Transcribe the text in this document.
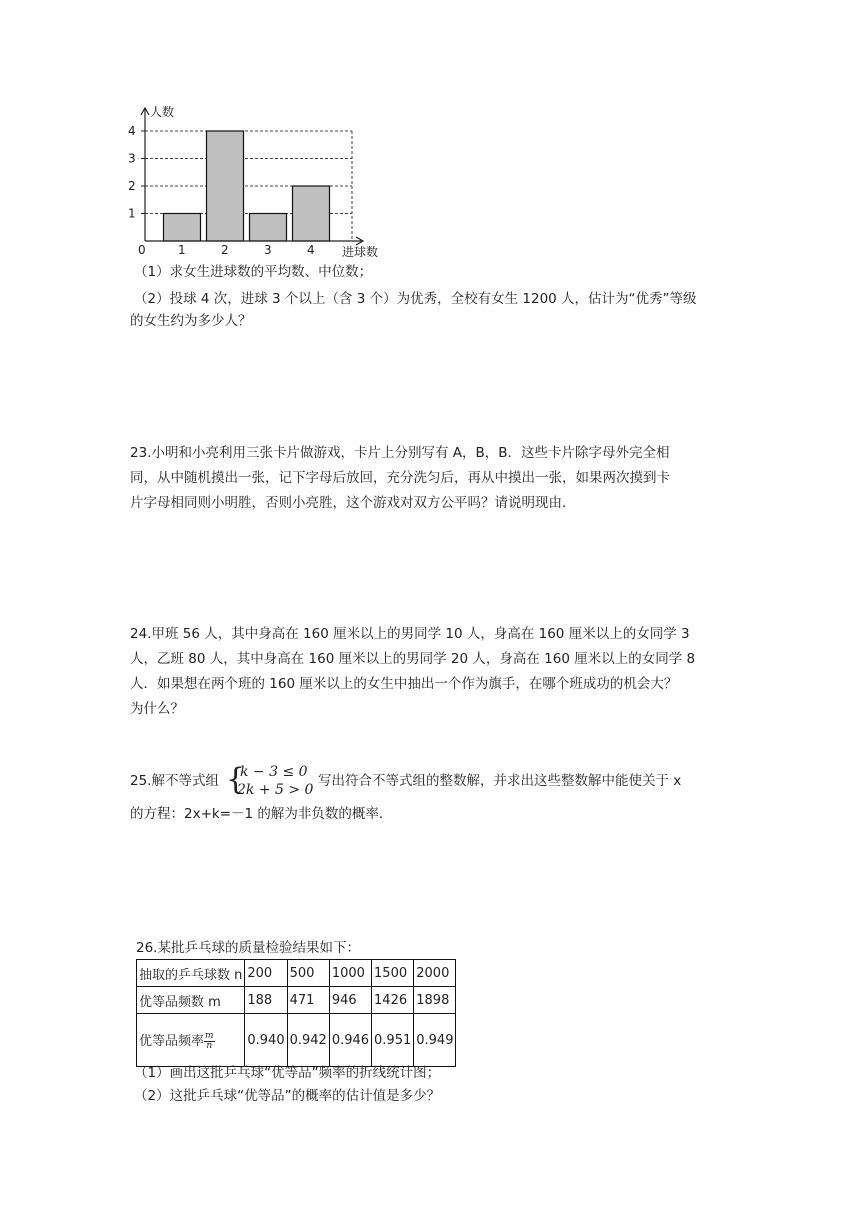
人数
进球数
0
1
2
3
4
1	2	3	4
（1）求女生进球数的平均数、中位数；
（2）投球 4 次，进球 3 个以上（含 3 个）为优秀，全校有女生 1200 人，估计为“优秀”等级
的女生约为多少人？
23.小明和小亮利用三张卡片做游戏，卡片上分别写有 A，B，B．这些卡片除字母外完全相
同，从中随机摸出一张，记下字母后放回，充分洗匀后，再从中摸出一张，如果两次摸到卡
片字母相同则小明胜，否则小亮胜，这个游戏对双方公平吗？请说明现由．
24.甲班 56 人，其中身高在 160 厘米以上的男同学 10 人，身高在 160 厘米以上的女同学 3
人，乙班 80 人，其中身高在 160 厘米以上的男同学 20 人，身高在 160 厘米以上的女同学 8
人．如果想在两个班的 160 厘米以上的女生中抽出一个作为旗手，在哪个班成功的机会大？
为什么？
25.解不等式组 {
k − 3 ≤ 0
2k + 5 > 0
写出符合不等式组的整数解，并求出这些整数解中能使关于 x
的方程：2x+k=－1 的解为非负数的概率．
26.某批乒乓球的质量检验结果如下：
抽取的乒乓球数 n	200	500	1000	1500	2000
优等品频数 m	188	471	946	1426	1898
优等品频率 $\frac{m}{n}$	0.940	0.942	0.946	0.951	0.949
（1）画出这批乒乓球“优等品”频率的折线统计图；
（2）这批乒乓球“优等品”的概率的估计值是多少？
